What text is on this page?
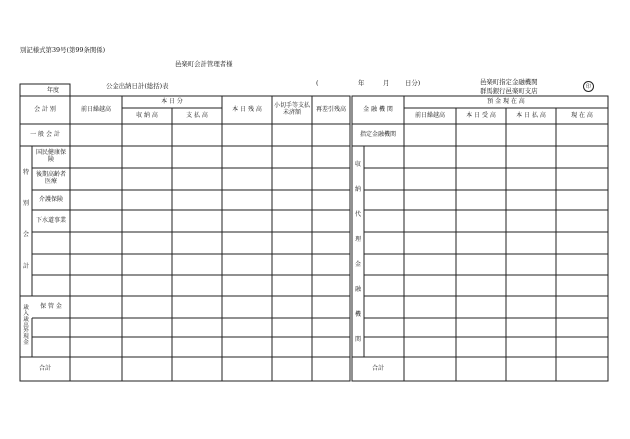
別記様式第39号(第99条関係)
邑楽町会計管理者様
公金出納日計(総括)表	(	年	月 日分)	邑楽町指定金融機関
群馬銀行邑楽町支店	印
年度
会 計 別	前日繰越高
本 日 分
収 納 高	支 払 高
本 日 残 高	小切手等支払未済額	再差引残高
一 般 会 計
特
別
会
計
国民健康保険
後期高齢者医療
介護保険
下水道事業
歳入歳出外現金
保 管 金
合計
金 融 機 関
預 金 現 在 高
前日繰越高	本 日 受 高	本 日 払 高	現 在 高
指定金融機関
収
納
代
理
金
融
機
関
合計
